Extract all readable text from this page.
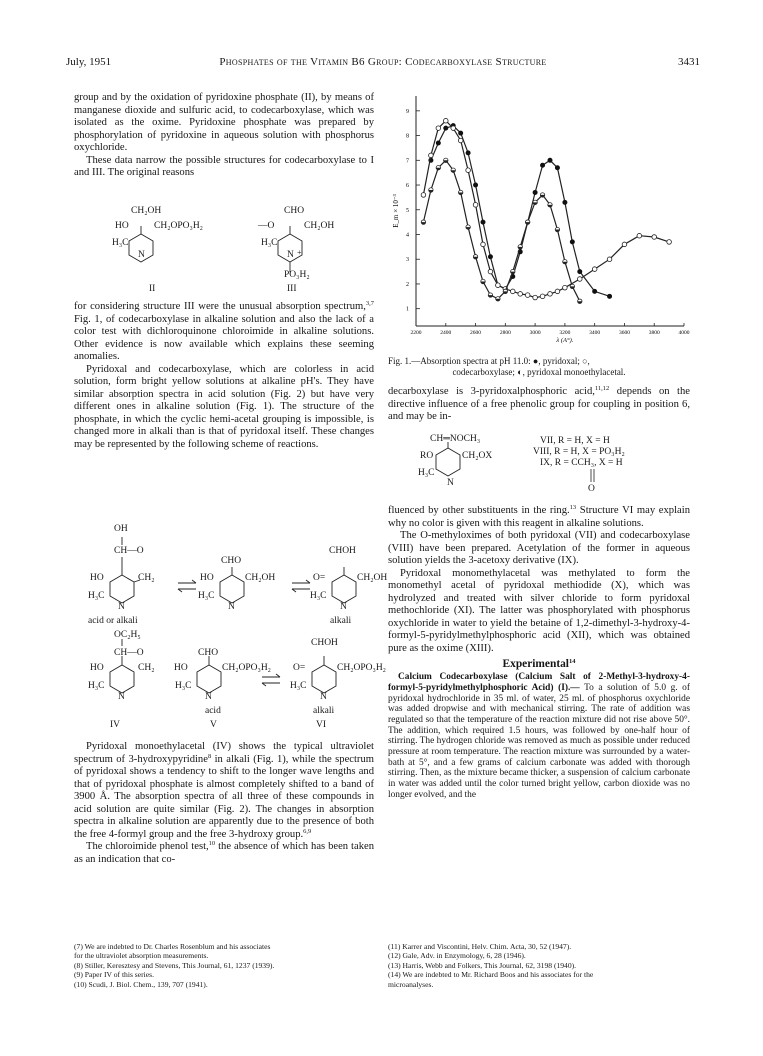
July, 1951	Phosphates of the Vitamin B6 Group: Codecarboxylase Structure	3431

group and by the oxidation of pyridoxine phosphate (II), by means of manganese dioxide and sulfuric acid, to codecarboxylase, which was isolated as the oxime. Pyridoxine phosphate was prepared by phosphorylation of pyridoxine in aqueous solution with phosphorus oxychloride.

These data narrow the possible structures for codecarboxylase to I and III. The original reasons

CH₂OH
HO	CH₂OPO₃H₂
H₃C
N
CHO
—O	CH₂OH
H₃C
N +
PO₃H₂
II	III

for considering structure III were the unusual absorption spectrum,$^{3,7}$ Fig. 1, of codecarboxylase in alkaline solution and also the lack of a color test with dichloroquinone chloroimide in alkaline solutions. Other evidence is now available which explains these seeming anomalies.

Pyridoxal and codecarboxylase, which are colorless in acid solution, form bright yellow solutions at alkaline pH's. They have similar absorption spectra in acid solution (Fig. 2) but have very different ones in alkaline solution (Fig. 1). The structure of the phosphate, in which the cyclic hemi-acetal grouping is impossible, is changed more in alkali than is that of pyridoxal itself. These changes may be represented by the following scheme of reactions.

OH
CH—O
HO	CH₂
H₃C
N
CHO
HO	CH₂OH
H₃C
N
CHOH
O=	CH₂OH
H₃C
N
acid or alkali	alkali
OC₂H₅
CH—O
HO	CH₂
H₃C
N
CHO
HO	CH₂OPO₃H₂
H₃C
N
CHOH
O=	CH₂OPO₃H₂
H₃C
N
acid	alkali
IV	V	VI

Pyridoxal monoethylacetal (IV) shows the typical ultraviolet spectrum of 3-hydroxypyridine$^8$ in alkali (Fig. 1), while the spectrum of pyridoxal shows a tendency to shift to the longer wave lengths and that of pyridoxal phosphate is almost completely shifted to a band of 3900 Å. The absorption spectra of all three of these compounds in acid solution are quite similar (Fig. 2). The changes in absorption spectra in alkaline solution are apparently due to the presence of both the free 4-formyl group and the free 3-hydroxy group.$^{6,9}$

The chloroimide phenol test,$^{10}$ the absence of which has been taken as an indication that co-

(7) We are indebted to Dr. Charles Rosenblum and his associates
for the ultraviolet absorption measurements.
(8) Stiller, Keresztesy and Stevens, This Journal, 61, 1237 (1939).
(9) Paper IV of this series.
(10) Scudi, J. Biol. Chem., 139, 707 (1941).
1
2
3
4
5
6
7
8
9
2200	2400	2600	2800	3000	3200	3400	3600	3800	4000
λ (A°).
E_m × 10⁻³
Fig. 1.—Absorption spectra at pH 11.0: ●, pyridoxal; ○,
codecarboxylase; ◐, pyridoxal monoethylacetal.

decarboxylase is 3-pyridoxalphosphoric acid,$^{11,12}$ depends on the directive influence of a free phenolic group for coupling in position 6, and may be in-

CH═NOCH₃
RO	CH₂OX
H₃C
N
VII, R = H, X = H
VIII, R = H, X = PO₃H₂
IX, R = CCH₃, X = H
O

fluenced by other substituents in the ring.$^{13}$ Structure VI may explain why no color is given with this reagent in alkaline solutions.

The O-methyloximes of both pyridoxal (VII) and codecarboxylase (VIII) have been prepared. Acetylation of the former in aqueous solution yields the 3-acetoxy derivative (IX).

Pyridoxal monomethylacetal was methylated to form the monomethyl acetal of pyridoxal methiodide (X), which was hydrolyzed and treated with silver chloride to form pyridoxal methochloride (XI). The latter was phosphorylated with phosphorus oxychloride in water to yield the betaine of 1,2-dimethyl-3-hydroxy-4-formyl-5-pyridylmethylphosphoric acid (XII), which was obtained pure as the oxime (XIII).

Experimental$^{14}$

Calcium Codecarboxylase (Calcium Salt of 2-Methyl-3-hydroxy-4-formyl-5-pyridylmethylphosphoric Acid) (I).— To a solution of 5.0 g. of pyridoxal hydrochloride in 35 ml. of water, 25 ml. of phosphorus oxychloride was added dropwise and with mechanical stirring. The rate of addition was regulated so that the temperature of the reaction mixture did not rise above 50°. The addition, which required 1.5 hours, was followed by one-half hour of stirring. The hydrogen chloride was removed as much as possible under reduced pressure at room temperature. The reaction mixture was surrounded by a water-bath at 5°, and a few grams of calcium carbonate was added with thorough stirring. Then, as the mixture became thicker, a suspension of calcium carbonate in water was added until the color turned bright yellow, carbon dioxide was no longer evolved, and the

(11) Karrer and Viscontini, Helv. Chim. Acta, 30, 52 (1947).
(12) Gale, Adv. in Enzymology, 6, 28 (1946).
(13) Harris, Webb and Folkers, This Journal, 62, 3198 (1940).
(14) We are indebted to Mr. Richard Boos and his associates for the
microanalyses.
